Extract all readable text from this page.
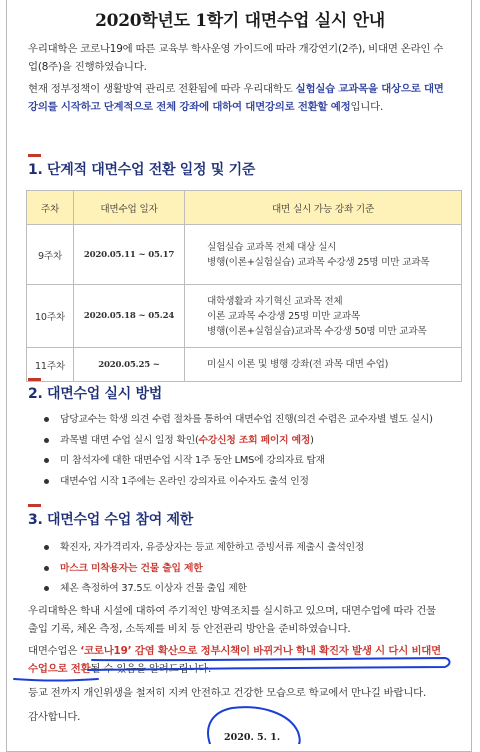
2020학년도 1학기 대면수업 실시 안내
우리대학은 코로나19에 따른 교육부 학사운영 가이드에 따라 개강연기(2주), 비대면 온라인 수업(8주)을 진행하였습니다.
현재 정부정책이 생활방역 관리로 전환됨에 따라 우리대학도 실험실습 교과목을 대상으로 대면강의를 시작하고 단계적으로 전체 강좌에 대하여 대면강의로 전환할 예정입니다.
1. 단계적 대면수업 전환 일정 및 기준
주차	대면수업 일자	대면 실시 가능 강좌 기준
9주차	2020.05.11 ~ 05.17	실험실습 교과목 전체 대상 실시
병행(이론+실험실습) 교과목 수강생 25명 미만 교과목

10주차	2020.05.18 ~ 05.24	대학생활과 자기혁신 교과목 전체
이론 교과목 수강생 25명 미만 교과목
병행(이론+실험실습)교과목 수강생 50명 미만 교과목

11주차	2020.05.25 ~	미실시 이론 및 병행 강좌(전 과목 대면 수업)
2. 대면수업 실시 방법
담당교수는 학생 의견 수렴 절차를 통하여 대면수업 진행(의견 수렴은 교수자별 별도 실시)
과목별 대면 수업 실시 일정 확인(수강신청 조회 페이지 예정)
미 참석자에 대한 대면수업 시작 1주 동안 LMS에 강의자료 탑재
대면수업 시작 1주에는 온라인 강의자료 이수자도 출석 인정
3. 대면수업 수업 참여 제한
확진자, 자가격리자, 유증상자는 등교 제한하고 증빙서류 제출시 출석인정
마스크 미착용자는 건물 출입 제한
체온 측정하여 37.5도 이상자 건물 출입 제한
우리대학은 학내 시설에 대하여 주기적인 방역조치를 실시하고 있으며, 대면수업에 따라 건물 출입 기록, 체온 측정, 소독제를 비치 등 안전관리 방안을 준비하였습니다.
대면수업은 ‘코로나19’ 감염 확산으로 정부시책이 바뀌거나 학내 확진자 발생 시 다시 비대면 수업으로 전환될 수 있음을 알려드립니다.
등교 전까지 개인위생을 철저히 지켜 안전하고 건강한 모습으로 학교에서 만나길 바랍니다.
감사합니다.
2020. 5. 1.
